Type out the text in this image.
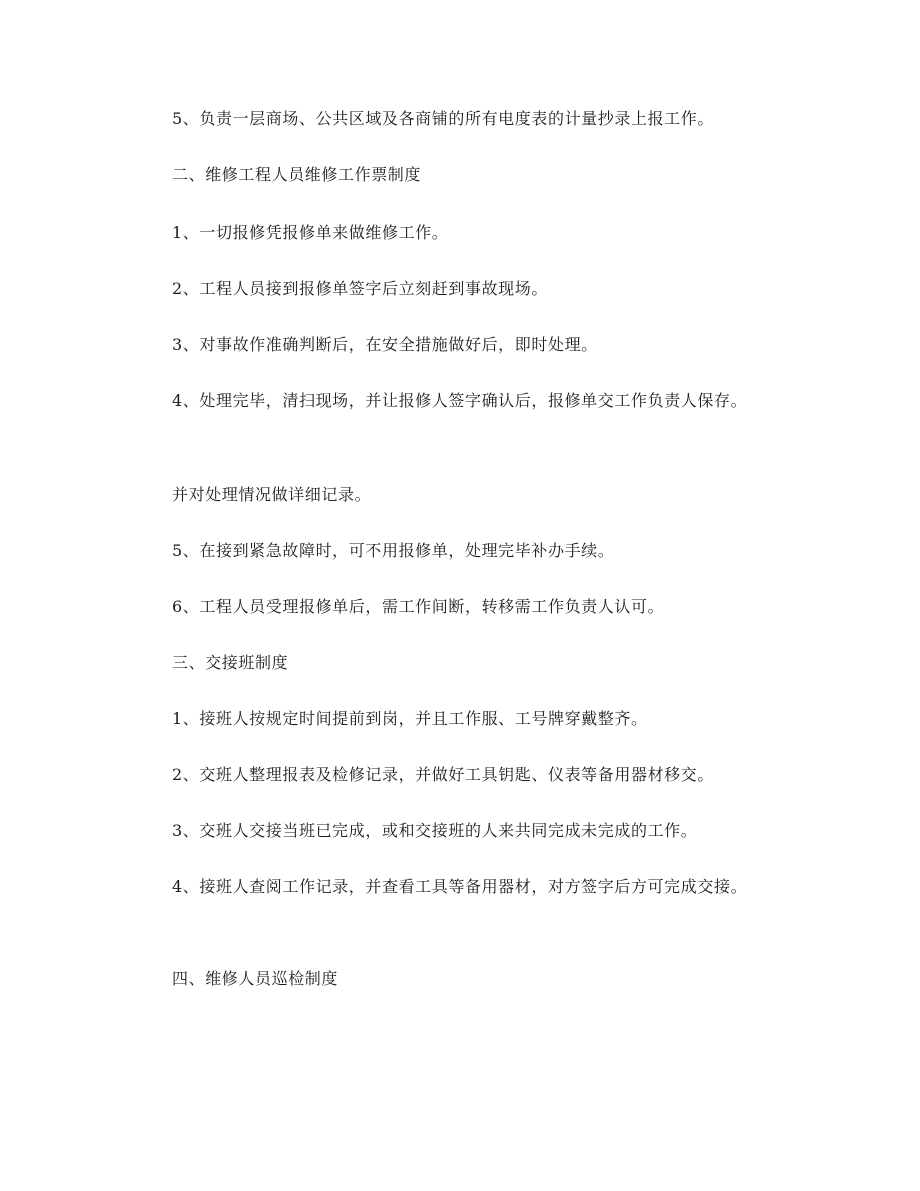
5、负责一层商场、公共区域及各商铺的所有电度表的计量抄录上报工作。
二、维修工程人员维修工作票制度
1、一切报修凭报修单来做维修工作。
2、工程人员接到报修单签字后立刻赶到事故现场。
3、对事故作准确判断后，在安全措施做好后，即时处理。
4、处理完毕，清扫现场，并让报修人签字确认后，报修单交工作负责人保存。
并对处理情况做详细记录。
5、在接到紧急故障时，可不用报修单，处理完毕补办手续。
6、工程人员受理报修单后，需工作间断，转移需工作负责人认可。
三、交接班制度
1、接班人按规定时间提前到岗，并且工作服、工号牌穿戴整齐。
2、交班人整理报表及检修记录，并做好工具钥匙、仪表等备用器材移交。
3、交班人交接当班已完成，或和交接班的人来共同完成未完成的工作。
4、接班人查阅工作记录，并查看工具等备用器材，对方签字后方可完成交接。
四、维修人员巡检制度
